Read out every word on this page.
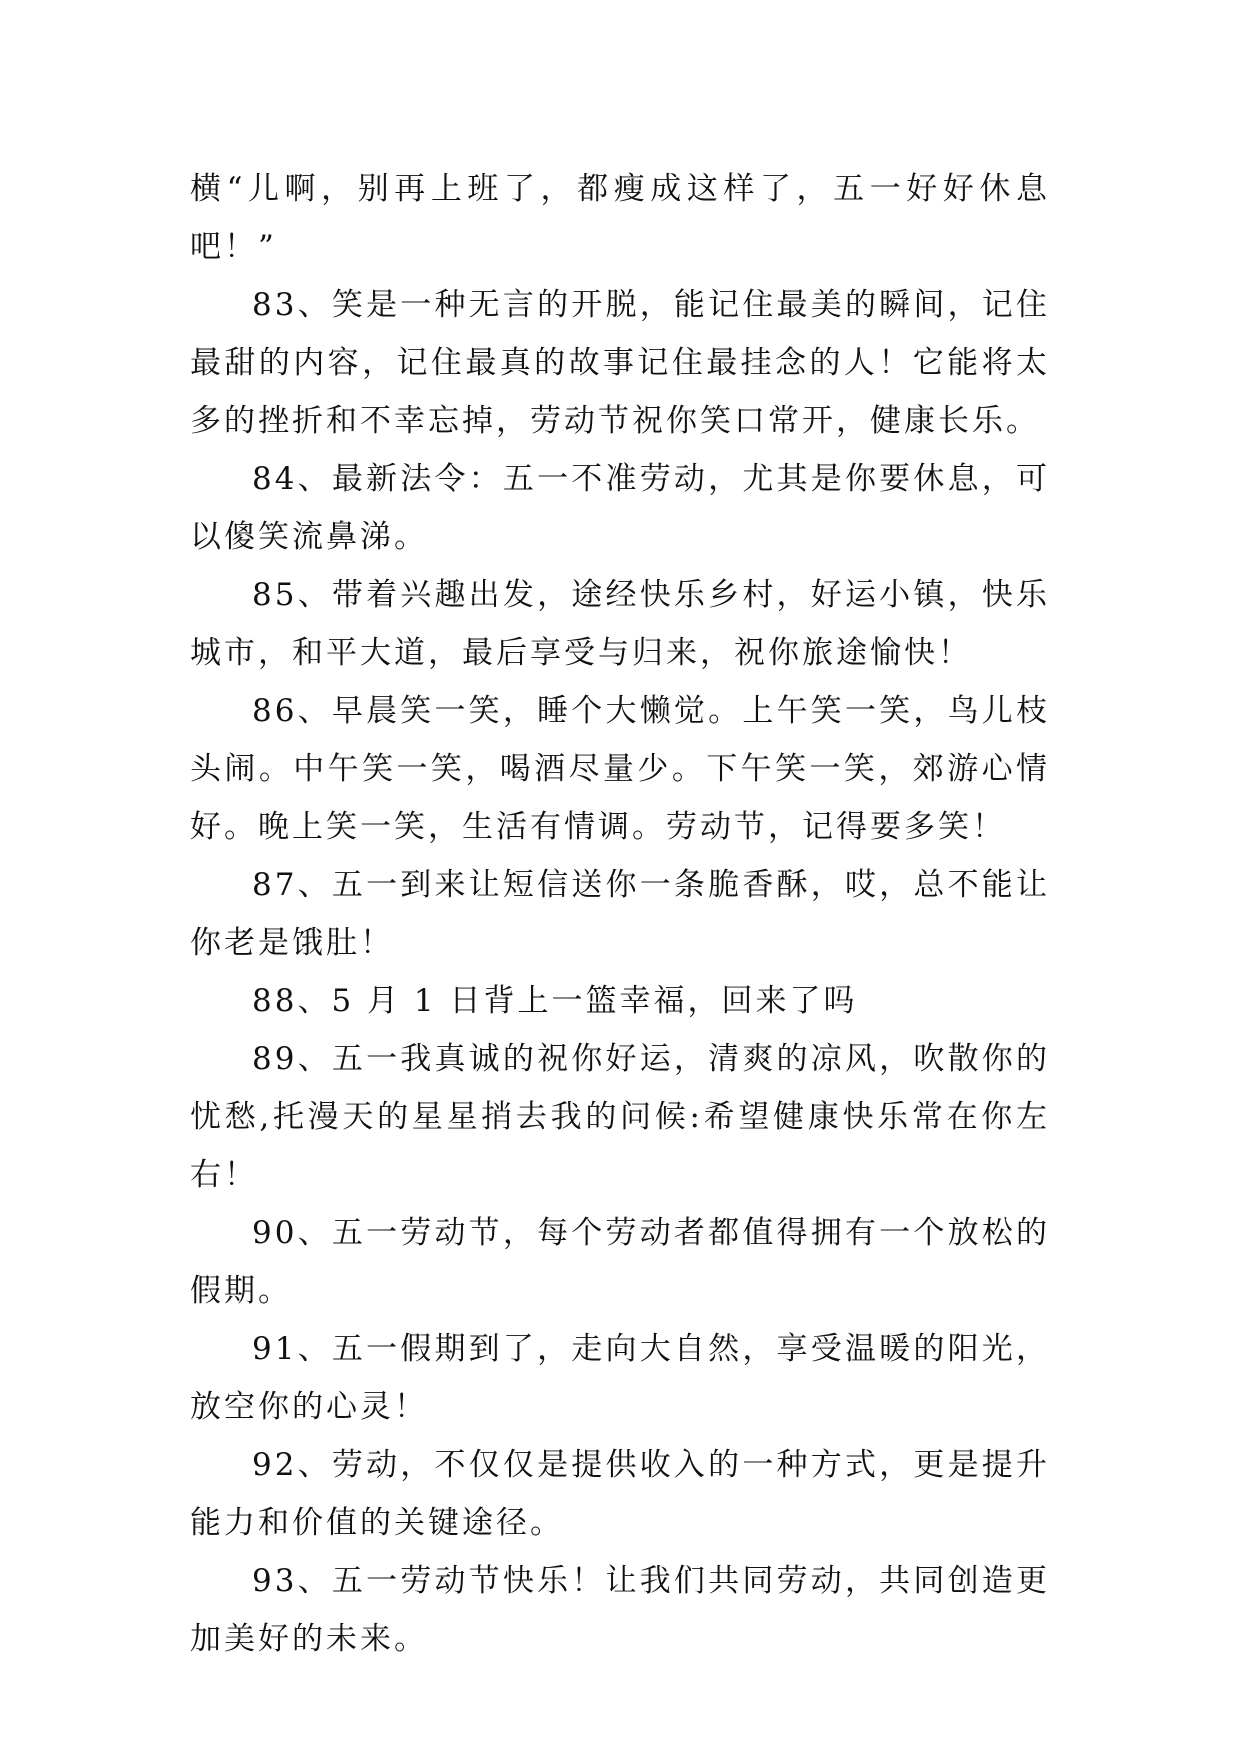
横“儿啊，别再上班了，都瘦成这样了，五一好好休息吧！”

83、笑是一种无言的开脱，能记住最美的瞬间，记住最甜的内容，记住最真的故事记住最挂念的人！它能将太多的挫折和不幸忘掉，劳动节祝你笑口常开，健康长乐。

84、最新法令：五一不准劳动，尤其是你要休息，可以傻笑流鼻涕。

85、带着兴趣出发，途经快乐乡村，好运小镇，快乐城市，和平大道，最后享受与归来，祝你旅途愉快！

86、早晨笑一笑，睡个大懒觉。上午笑一笑，鸟儿枝头闹。中午笑一笑，喝酒尽量少。下午笑一笑，郊游心情好。晚上笑一笑，生活有情调。劳动节，记得要多笑！

87、五一到来让短信送你一条脆香酥，哎，总不能让你老是饿肚！

88、5 月 1 日背上一篮幸福，回来了吗

89、五一我真诚的祝你好运，清爽的凉风，吹散你的忧愁,托漫天的星星捎去我的问候:希望健康快乐常在你左右！

90、五一劳动节，每个劳动者都值得拥有一个放松的假期。

91、五一假期到了，走向大自然，享受温暖的阳光，放空你的心灵！

92、劳动，不仅仅是提供收入的一种方式，更是提升能力和价值的关键途径。

93、五一劳动节快乐！让我们共同劳动，共同创造更加美好的未来。
